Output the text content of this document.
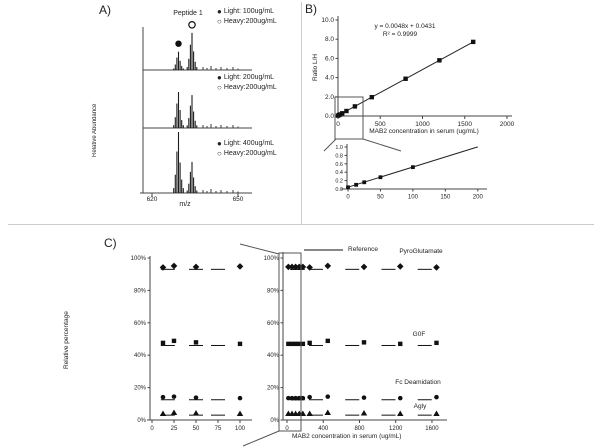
620	650
0.0
2.0
4.0
6.0
8.0
10.0
0	500	1000	1500	2000
0.0
0.2
0.4
0.6
0.8
1.0
0	50	100	150	200
0%
20%
40%
60%
80%
100%
0	25	50	75 100
0%
20%
40%
60%
80%
100%
0	400	800	1200	1600
A)	B)
C)
Peptide 1
Relative Abundance
m/z
● Light: 100ug/mL
○ Heavy:200ug/mL
● Light: 200ug/mL
○ Heavy:200ug/mL
● Light: 400ug/mL
○ Heavy:200ug/mL
y = 0.0048x + 0.0431
R² = 0.9999
Ratio L/H
MAB2 concentration in serum (ug/mL)
Relative percentage
MAB2 concentration in serum (ug/mL)
Reference	PyroGlutamate
G0F
Fc Deamidation
Agly
